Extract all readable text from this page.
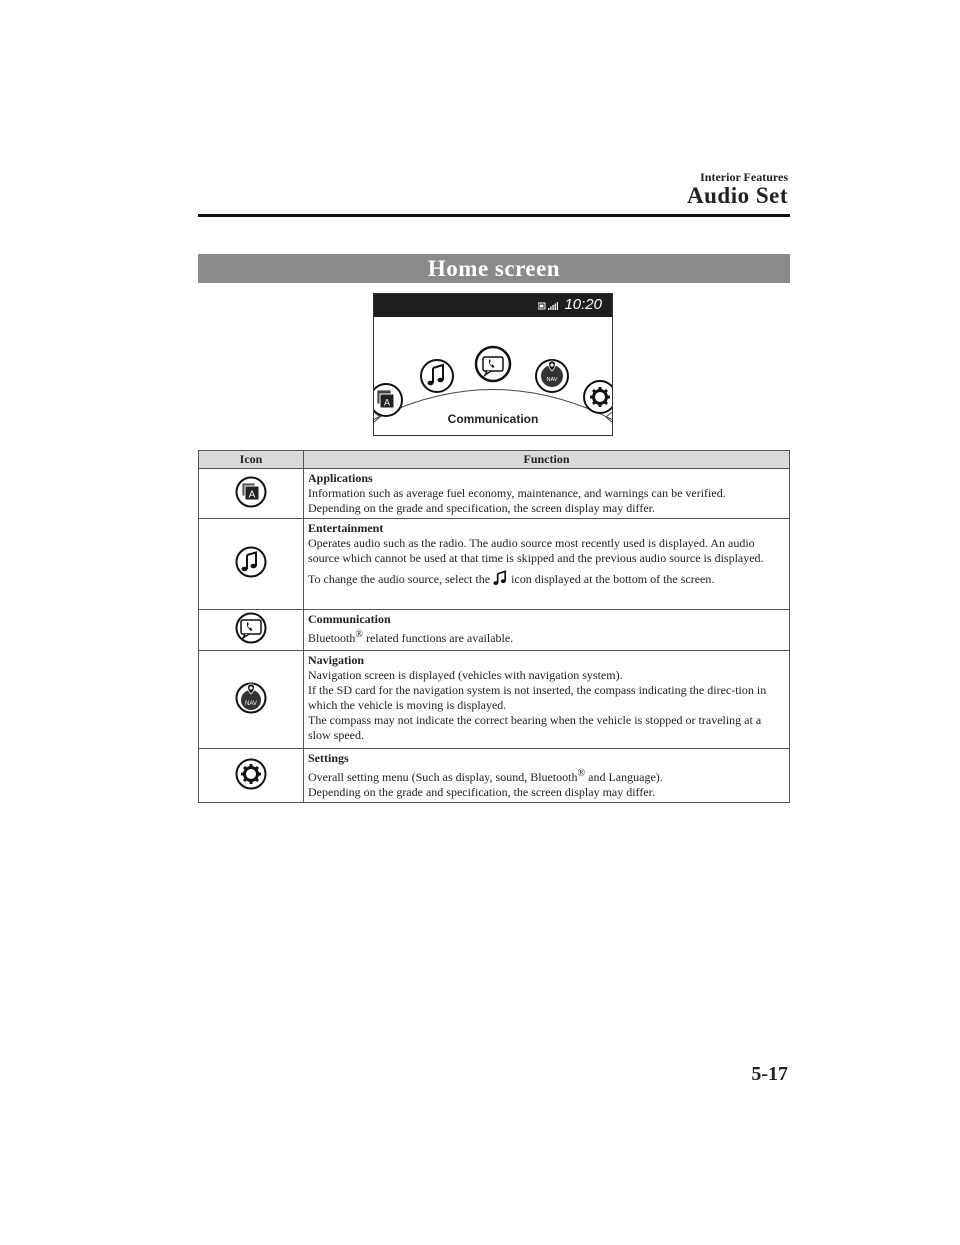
Interior Features
Audio Set
Home screen
10:20
A
NAV
Communication
Icon	Function

A	Applications
Information such as average fuel economy, maintenance, and warnings can be verified.
Depending on the grade and specification, the screen display may differ.

Entertainment
Operates audio such as the radio. The audio source most recently used is displayed. An audio source which cannot be used at that time is skipped and the previous audio source is displayed.
To change the audio source, select the icon displayed at the bottom of the screen.

Communication
Bluetooth® related functions are available.

NAV	Navigation
Navigation screen is displayed (vehicles with navigation system).
If the SD card for the navigation system is not inserted, the compass indicating the direc-tion in which the vehicle is moving is displayed.
The compass may not indicate the correct bearing when the vehicle is stopped or traveling at a slow speed.

Settings
Overall setting menu (Such as display, sound, Bluetooth® and Language).
Depending on the grade and specification, the screen display may differ.
5-17
